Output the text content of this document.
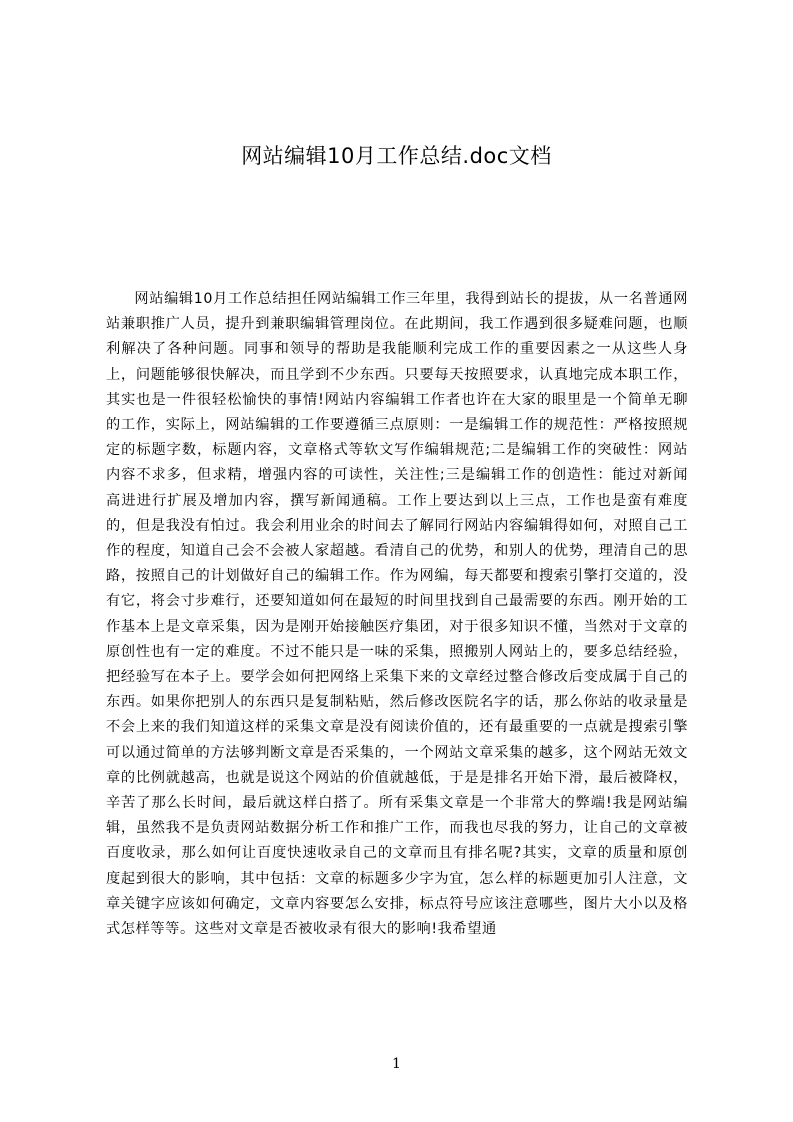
网站编辑10月工作总结.doc文档

网站编辑10月工作总结担任网站编辑工作三年里，我得到站长的提拔，从一名普通网站兼职推广人员，提升到兼职编辑管理岗位。在此期间，我工作遇到很多疑难问题，也顺利解决了各种问题。同事和领导的帮助是我能顺利完成工作的重要因素之一从这些人身上，问题能够很快解决，而且学到不少东西。只要每天按照要求，认真地完成本职工作，其实也是一件很轻松愉快的事情!网站内容编辑工作者也许在大家的眼里是一个简单无聊的工作，实际上，网站编辑的工作要遵循三点原则：一是编辑工作的规范性：严格按照规定的标题字数，标题内容，文章格式等软文写作编辑规范;二是编辑工作的突破性：网站内容不求多，但求精，增强内容的可读性，关注性;三是编辑工作的创造性：能过对新闻高进进行扩展及增加内容，撰写新闻通稿。工作上要达到以上三点，工作也是蛮有难度的，但是我没有怕过。我会利用业余的时间去了解同行网站内容编辑得如何，对照自己工作的程度，知道自己会不会被人家超越。看清自己的优势，和别人的优势，理清自己的思路，按照自己的计划做好自己的编辑工作。作为网编，每天都要和搜索引擎打交道的，没有它，将会寸步难行，还要知道如何在最短的时间里找到自己最需要的东西。刚开始的工作基本上是文章采集，因为是刚开始接触医疗集团，对于很多知识不懂，当然对于文章的原创性也有一定的难度。不过不能只是一味的采集，照搬别人网站上的，要多总结经验，把经验写在本子上。要学会如何把网络上采集下来的文章经过整合修改后变成属于自己的东西。如果你把别人的东西只是复制粘贴，然后修改医院名字的话，那么你站的收录量是不会上来的我们知道这样的采集文章是没有阅读价值的，还有最重要的一点就是搜索引擎可以通过简单的方法够判断文章是否采集的，一个网站文章采集的越多，这个网站无效文章的比例就越高，也就是说这个网站的价值就越低，于是是排名开始下滑，最后被降权，辛苦了那么长时间，最后就这样白搭了。所有采集文章是一个非常大的弊端!我是网站编辑，虽然我不是负责网站数据分析工作和推广工作，而我也尽我的努力，让自己的文章被百度收录，那么如何让百度快速收录自己的文章而且有排名呢?其实，文章的质量和原创度起到很大的影响，其中包括：文章的标题多少字为宜，怎么样的标题更加引人注意，文章关键字应该如何确定，文章内容要怎么安排，标点符号应该注意哪些，图片大小以及格式怎样等等。这些对文章是否被收录有很大的影响!我希望通

1
